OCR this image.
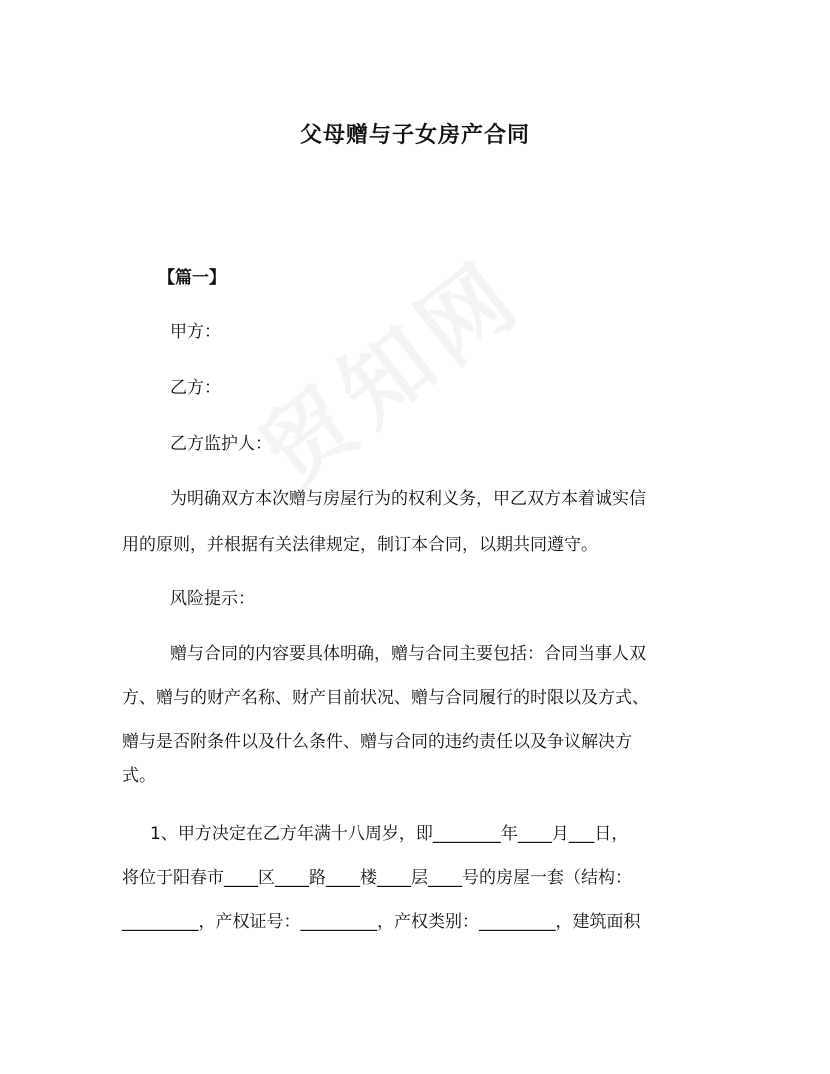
父母赠与子女房产合同
【篇一】
甲方：
乙方：
乙方监护人：
为明确双方本次赠与房屋行为的权利义务，甲乙双方本着诚实信
用的原则，并根据有关法律规定，制订本合同，以期共同遵守。
风险提示：
赠与合同的内容要具体明确，赠与合同主要包括：合同当事人双
方、赠与的财产名称、财产目前状况、赠与合同履行的时限以及方式、
赠与是否附条件以及什么条件、赠与合同的违约责任以及争议解决方
式。
1、甲方决定在乙方年满十八周岁，即________年____月___日，
将位于阳春市____区____路____楼____层____号的房屋一套（结构：
_________，产权证号：_________，产权类别：_________，建筑面积
